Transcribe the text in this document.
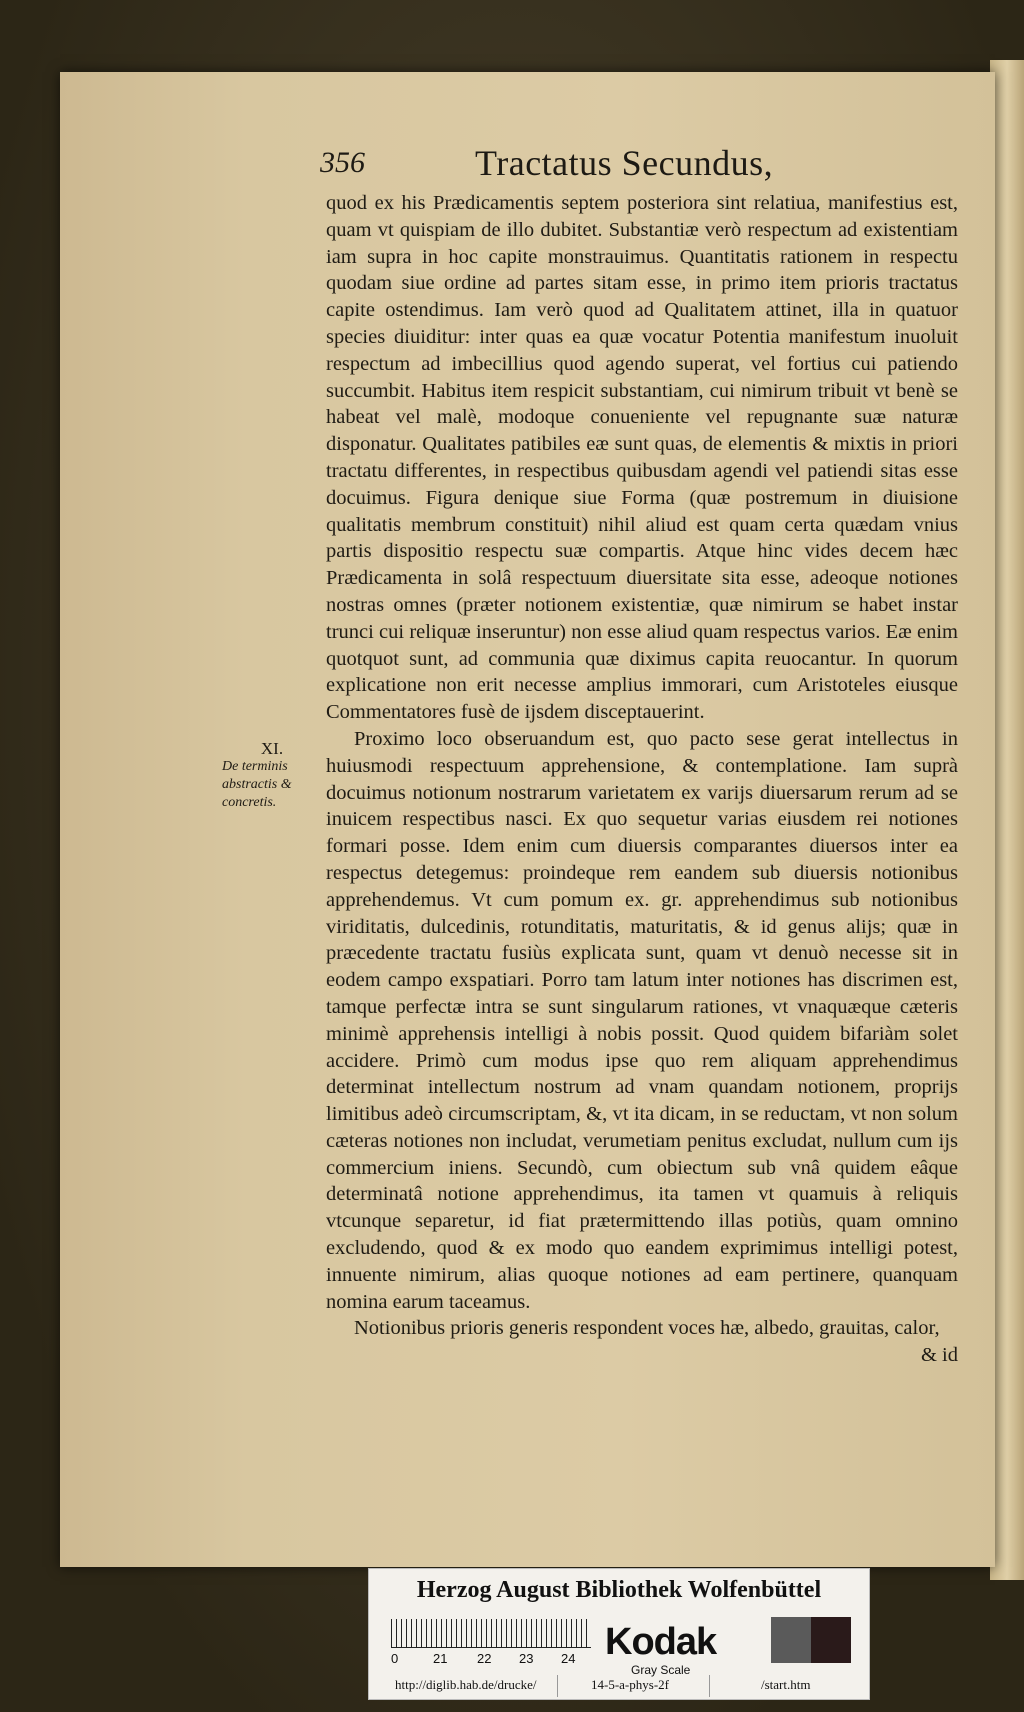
356	Tractatus Secundus,
XI.
De terminis abstractis & concretis.

quod ex his Prædicamentis septem posteriora sint relatiua, manifestius est, quam vt quispiam de illo dubitet. Substantiæ verò respectum ad existentiam iam supra in hoc capite monstrauimus. Quantitatis rationem in respectu quodam siue ordine ad partes sitam esse, in primo item prioris tractatus capite ostendimus. Iam verò quod ad Qualitatem attinet, illa in quatuor species diuiditur: inter quas ea quæ vocatur Potentia manifestum inuoluit respectum ad imbecillius quod agendo superat, vel fortius cui patiendo succumbit. Habitus item respicit substantiam, cui nimirum tribuit vt benè se habeat vel malè, modoque conueniente vel repugnante suæ naturæ disponatur. Qualitates patibiles eæ sunt quas, de elementis & mixtis in priori tractatu differentes, in respectibus quibusdam agendi vel patiendi sitas esse docuimus. Figura denique siue Forma (quæ postremum in diuisione qualitatis membrum constituit) nihil aliud est quam certa quædam vnius partis dispositio respectu suæ compartis. Atque hinc vides decem hæc Prædicamenta in solâ respectuum diuersitate sita esse, adeoque notiones nostras omnes (præter notionem existentiæ, quæ nimirum se habet instar trunci cui reliquæ inseruntur) non esse aliud quam respectus varios. Eæ enim quotquot sunt, ad communia quæ diximus capita reuocantur. In quorum explicatione non erit necesse amplius immorari, cum Aristoteles eiusque Commentatores fusè de ijsdem disceptauerint.

Proximo loco obseruandum est, quo pacto sese gerat intellectus in huiusmodi respectuum apprehensione, & contemplatione. Iam suprà docuimus notionum nostrarum varietatem ex varijs diuersarum rerum ad se inuicem respectibus nasci. Ex quo sequetur varias eiusdem rei notiones formari posse. Idem enim cum diuersis comparantes diuersos inter ea respectus detegemus: proindeque rem eandem sub diuersis notionibus apprehendemus. Vt cum pomum ex. gr. apprehendimus sub notionibus viriditatis, dulcedinis, rotunditatis, maturitatis, & id genus alijs; quæ in præcedente tractatu fusiùs explicata sunt, quam vt denuò necesse sit in eodem campo exspatiari. Porro tam latum inter notiones has discrimen est, tamque perfectæ intra se sunt singularum rationes, vt vnaquæque cæteris minimè apprehensis intelligi à nobis possit. Quod quidem bifariàm solet accidere. Primò cum modus ipse quo rem aliquam apprehendimus determinat intellectum nostrum ad vnam quandam notionem, proprijs limitibus adeò circumscriptam, &, vt ita dicam, in se reductam, vt non solum cæteras notiones non includat, verumetiam penitus excludat, nullum cum ijs commercium iniens. Secundò, cum obiectum sub vnâ quidem eâque determinatâ notione apprehendimus, ita tamen vt quamuis à reliquis vtcunque separetur, id fiat prætermittendo illas potiùs, quam omnino excludendo, quod & ex modo quo eandem exprimimus intelligi potest, innuente nimirum, alias quoque notiones ad eam pertinere, quanquam nomina earum taceamus.

Notionibus prioris generis respondent voces hæ, albedo, grauitas, calor,

& id
Herzog August Bibliothek Wolfenbüttel
0	21 22 23 24 Kodak
Gray Scale
http://diglib.hab.de/drucke/	14-5-a-phys-2f	/start.htm
